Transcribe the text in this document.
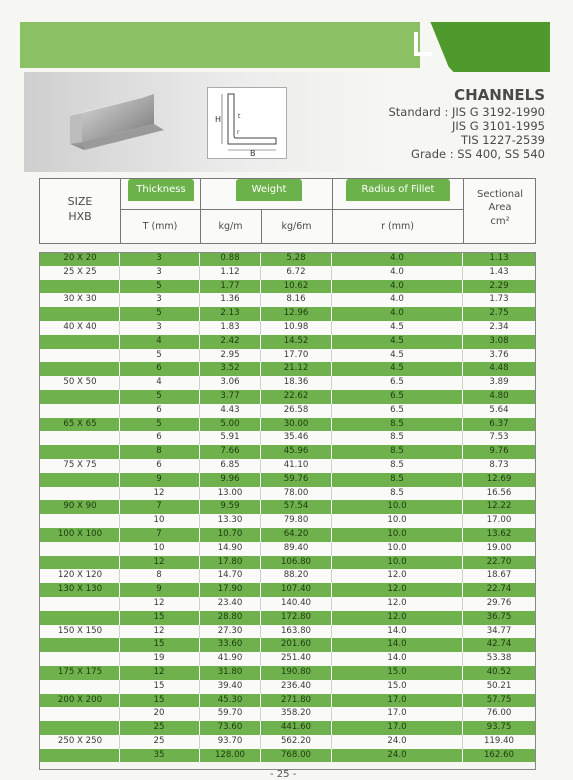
H
B
t
r
CHANNELS
Standard : JIS G 3192-1990
JIS G 3101-1995
TIS 1227-2539
Grade : SS 400, SS 540
SIZE
HXB
Thickness
T (mm)
Weight
kg/m	kg/6m
Radius of Fillet
r (mm)
Sectional
Area
cm²
20 X 20	3	0.88	5.28	4.0	1.13
25 X 25	3	1.12	6.72	4.0	1.43
5	1.77	10.62	4.0	2.29
30 X 30	3	1.36	8.16	4.0	1.73
5	2.13	12.96	4.0	2.75
40 X 40	3	1.83	10.98	4.5	2.34
4	2.42	14.52	4.5	3.08
5	2.95	17.70	4.5	3.76
6	3.52	21.12	4.5	4.48
50 X 50	4	3.06	18.36	6.5	3.89
5	3.77	22.62	6.5	4.80
6	4.43	26.58	6.5	5.64
65 X 65	5	5.00	30.00	8.5	6.37
6	5.91	35.46	8.5	7.53
8	7.66	45.96	8.5	9.76
75 X 75	6	6.85	41.10	8.5	8.73
9	9.96	59.76	8.5	12.69
12	13.00	78.00	8.5	16.56
90 X 90	7	9.59	57.54	10.0	12.22
10	13.30	79.80	10.0	17.00
100 X 100	7	10.70	64.20	10.0	13.62
10	14.90	89.40	10.0	19.00
12	17.80	106.80	10.0	22.70
120 X 120	8	14.70	88.20	12.0	18.67
130 X 130	9	17.90	107.40	12.0	22.74
12	23.40	140.40	12.0	29.76
15	28.80	172.80	12.0	36.75
150 X 150	12	27.30	163.80	14.0	34.77
15	33.60	201.60	14.0	42.74
19	41.90	251.40	14.0	53.38
175 X 175	12	31.80	190.80	15.0	40.52
15	39.40	236.40	15.0	50.21
200 X 200	15	45.30	271.80	17.0	57.75
20	59.70	358.20	17.0	76.00
25	73.60	441.60	17.0	93.75
250 X 250	25	93.70	562.20	24.0	119.40
35	128.00	768.00	24.0	162.60
- 25 -
